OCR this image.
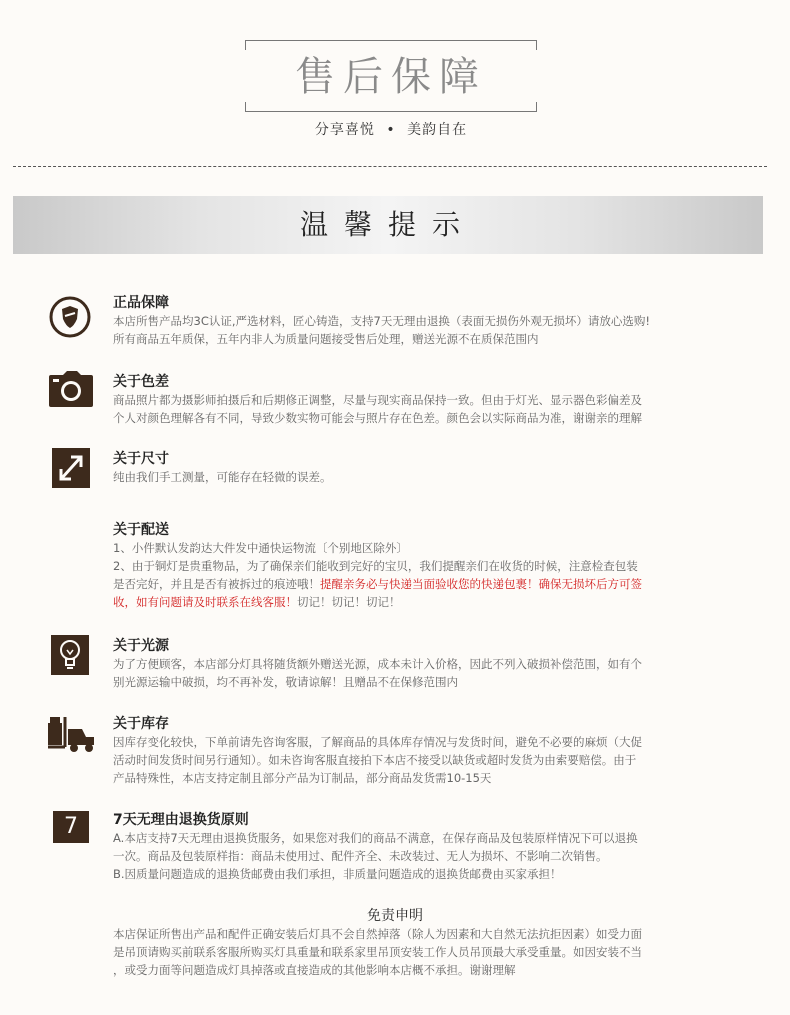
售后保障
分享喜悦 • 美韵自在
温馨提示
正品保障
本店所售产品均3C认证,严选材料，匠心铸造，支持7天无理由退换（表面无损伤外观无损坏）请放心选购!
所有商品五年质保，五年内非人为质量问题接受售后处理，赠送光源不在质保范围内
关于色差
商品照片都为摄影师拍摄后和后期修正调整，尽量与现实商品保持一致。但由于灯光、显示器色彩偏差及
个人对颜色理解各有不同，导致少数实物可能会与照片存在色差。颜色会以实际商品为准，谢谢亲的理解
关于尺寸
纯由我们手工测量，可能存在轻微的误差。
关于配送
1、小件默认发韵达大件发中通快运物流〔个别地区除外〕
2、由于铜灯是贵重物品，为了确保亲们能收到完好的宝贝，我们提醒亲们在收货的时候，注意检查包装
是否完好，并且是否有被拆过的痕迹哦！提醒亲务必与快递当面验收您的快递包裹！确保无损坏后方可签
收，如有问题请及时联系在线客服！切记！切记！切记！
关于光源
为了方便顾客，本店部分灯具将随货额外赠送光源，成本未计入价格，因此不列入破损补偿范围，如有个
别光源运输中破损，均不再补发，敬请谅解！且赠品不在保修范围内
关于库存
因库存变化较快，下单前请先咨询客服，了解商品的具体库存情况与发货时间，避免不必要的麻烦（大促
活动时间发货时间另行通知）。如未咨询客服直接拍下本店不接受以缺货或超时发货为由索要赔偿。由于
产品特殊性，本店支持定制且部分产品为订制品，部分商品发货需10-15天
7	7天无理由退换货原则
A.本店支持7天无理由退换货服务，如果您对我们的商品不满意，在保存商品及包装原样情况下可以退换
一次。商品及包装原样指：商品未使用过、配件齐全、未改装过、无人为损坏、不影响二次销售。
B.因质量问题造成的退换货邮费由我们承担，非质量问题造成的退换货邮费由买家承担！
免责申明
本店保证所售出产品和配件正确安装后灯具不会自然掉落（除人为因素和大自然无法抗拒因素）如受力面
是吊顶请购买前联系客服所购买灯具重量和联系家里吊顶安装工作人员吊顶最大承受重量。如因安装不当
，或受力面等问题造成灯具掉落或直接造成的其他影响本店概不承担。谢谢理解
